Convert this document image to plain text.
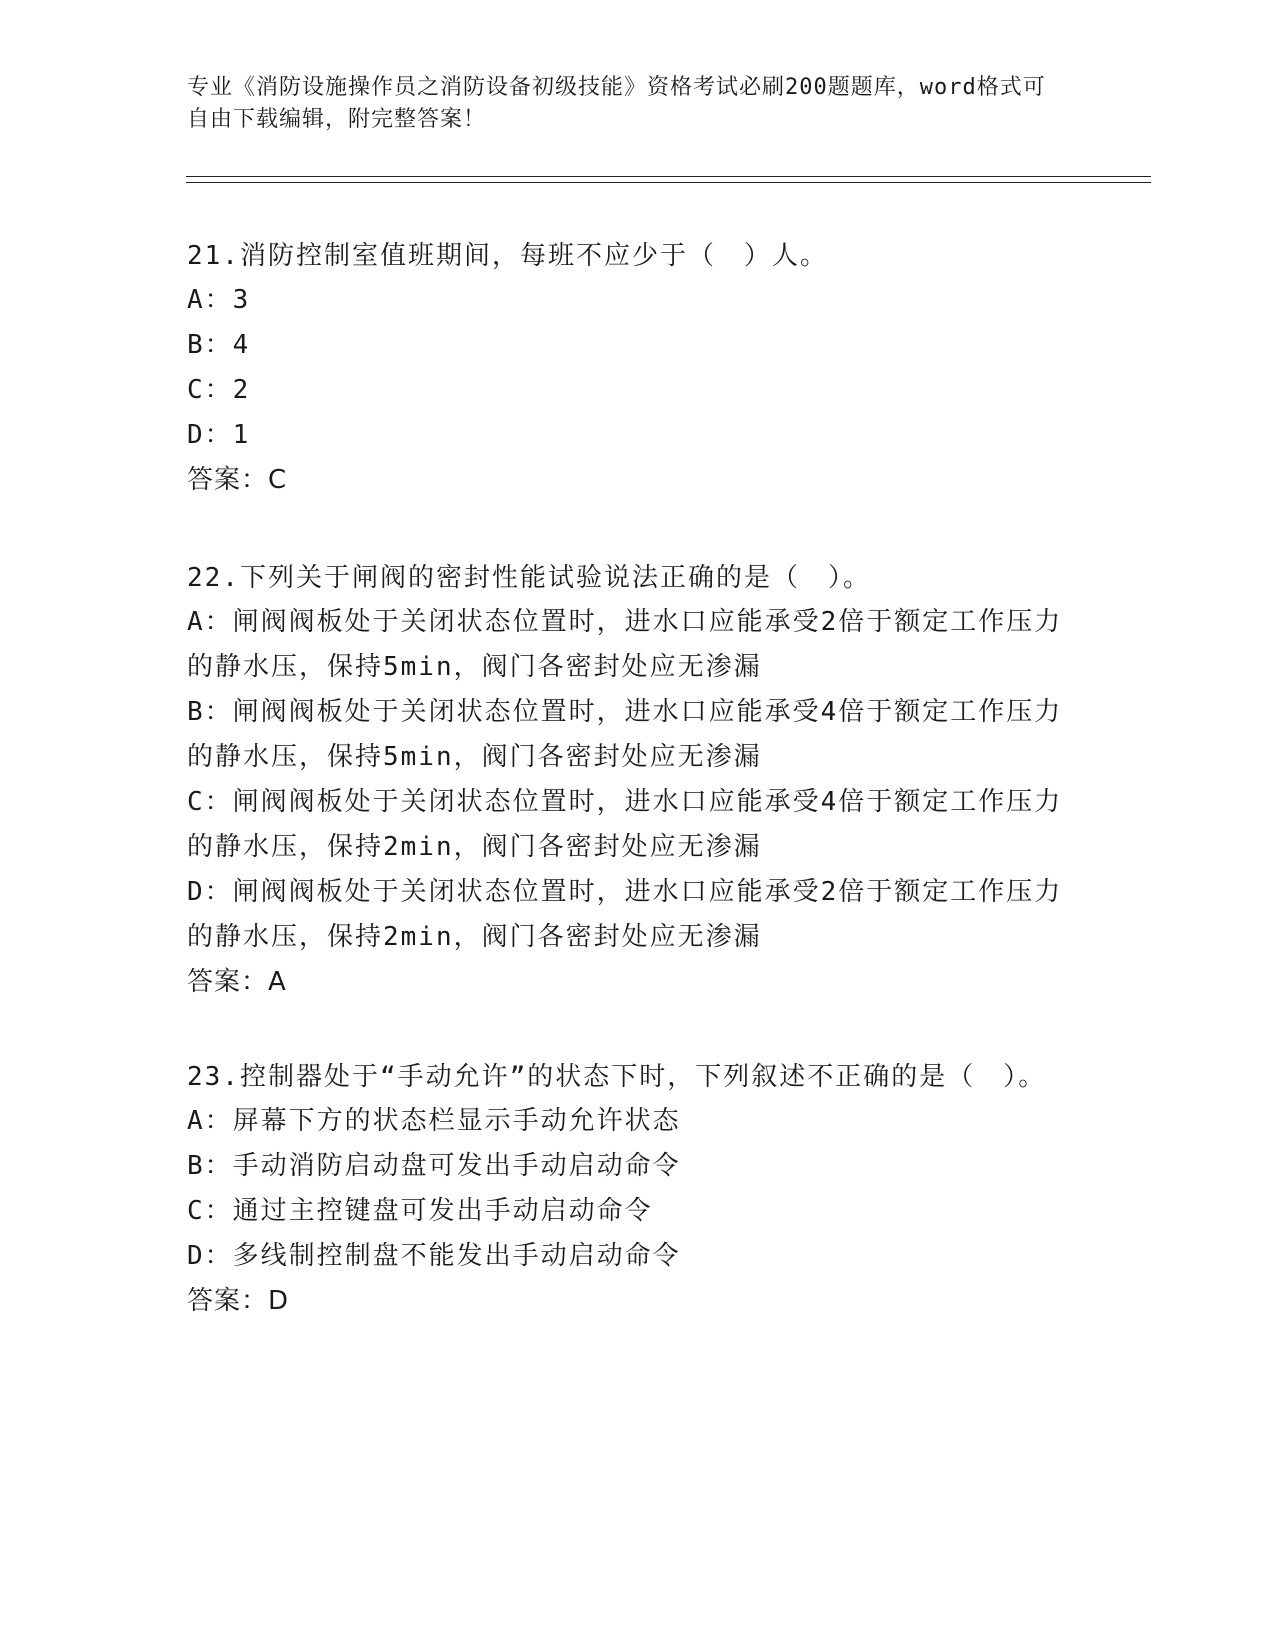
专业《消防设施操作员之消防设备初级技能》资格考试必刷200题题库，word格式可自由下载编辑，附完整答案！
21.消防控制室值班期间，每班不应少于（　）人。
A：3
B：4
C：2
D：1
答案：C
22.下列关于闸阀的密封性能试验说法正确的是（　）。
A：闸阀阀板处于关闭状态位置时，进水口应能承受2倍于额定工作压力的静水压，保持5min，阀门各密封处应无渗漏
B：闸阀阀板处于关闭状态位置时，进水口应能承受4倍于额定工作压力的静水压，保持5min，阀门各密封处应无渗漏
C：闸阀阀板处于关闭状态位置时，进水口应能承受4倍于额定工作压力的静水压，保持2min，阀门各密封处应无渗漏
D：闸阀阀板处于关闭状态位置时，进水口应能承受2倍于额定工作压力的静水压，保持2min，阀门各密封处应无渗漏
答案：A
23.控制器处于“手动允许”的状态下时，下列叙述不正确的是（　）。
A：屏幕下方的状态栏显示手动允许状态
B：手动消防启动盘可发出手动启动命令
C：通过主控键盘可发出手动启动命令
D：多线制控制盘不能发出手动启动命令
答案：D
